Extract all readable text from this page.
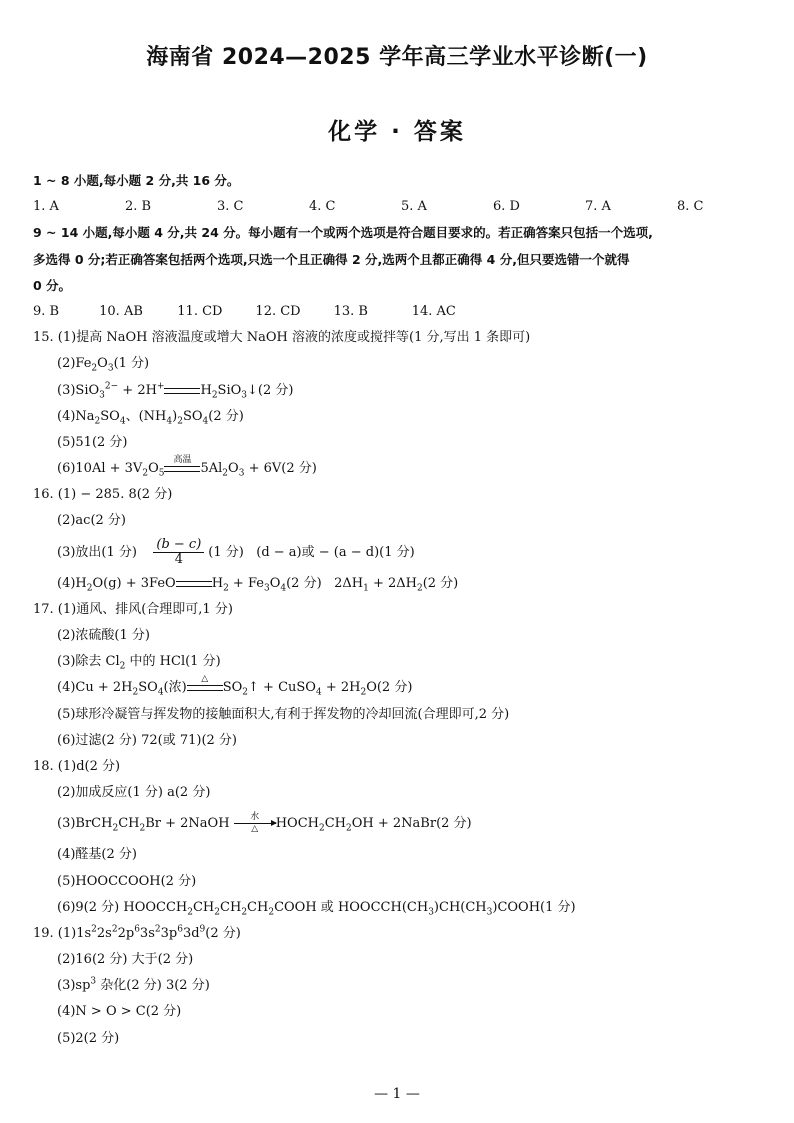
海南省 2024—2025 学年高三学业水平诊断(一)
化学 · 答案
1 ~ 8 小题,每小题 2 分,共 16 分。
1. A	2. B	3. C	4. C	5. A	6. D	7. A	8. C
9 ~ 14 小题,每小题 4 分,共 24 分。每小题有一个或两个选项是符合题目要求的。若正确答案只包括一个选项,
多选得 0 分;若正确答案包括两个选项,只选一个且正确得 2 分,选两个且都正确得 4 分,但只要选错一个就得
0 分。
9. B	10. AB	11. CD	12. CD	13. B	14. AC
15. (1)提高 NaOH 溶液温度或增大 NaOH 溶液的浓度或搅拌等(1 分,写出 1 条即可)
$(2)Fe_2O_3(1$ 分)
(3)SiO$_3^{2-}$ + 2H+	$H_2SiO_3↓(2$ 分)
$(4)Na_2SO_4$、$(NH_4)_2SO_4(2$ 分)
(5)51(2 分)
$(6)10Al + 3V_2O_5$
高温
$5Al_2O_3 + 6V(2$ 分)
16. (1) − 285. 8(2 分)
(2)ac(2 分)
(3)放出(1 分) $\frac{(b - c)}{4} (1$ 分) (d − a)或 − (a − d)(1 分)
$(4)H_2O(g) + 3FeO$	$H_2 + Fe_3O_4(2$ 分) $2\Delta H_1 + 2\Delta H_2(2$ 分)
17. (1)通风、排风(合理即可,1 分)
(2)浓硫酸(1 分)
(3)除去 $Cl_2$ 中的 HCl(1 分)
$(4)Cu + 2H_2SO_4$(浓)
△
$SO_2↑$ + CuSO$_4$ + $2H_2O(2$ 分)
(5)球形冷凝管与挥发物的接触面积大,有利于挥发物的冷却回流(合理即可,2 分)
(6)过滤(2 分) 72(或 71)(2 分)
18. (1)d(2 分)
(2)加成反应(1 分) a(2 分)
$(3)BrCH_2CH_2Br$ + 2NaOH	水
△	$HOCH_2CH_2OH$ + 2NaBr(2 分)
(4)醛基(2 分)
(5)HOOCCOOH(2 分)
(6)9(2 分) $HOOCCH_2CH_2CH_2CH_2COOH$ 或 $HOOCCH(CH_3)CH(CH_3)COOH(1$ 分)
19. $(1)1s^22s^22p^63s^23p^63d^9(2$ 分)
(2)16(2 分) 大于(2 分)
$(3)sp^3$ 杂化(2 分) 3(2 分)
(4)N > O > C(2 分)
(5)2(2 分)
— 1 —
